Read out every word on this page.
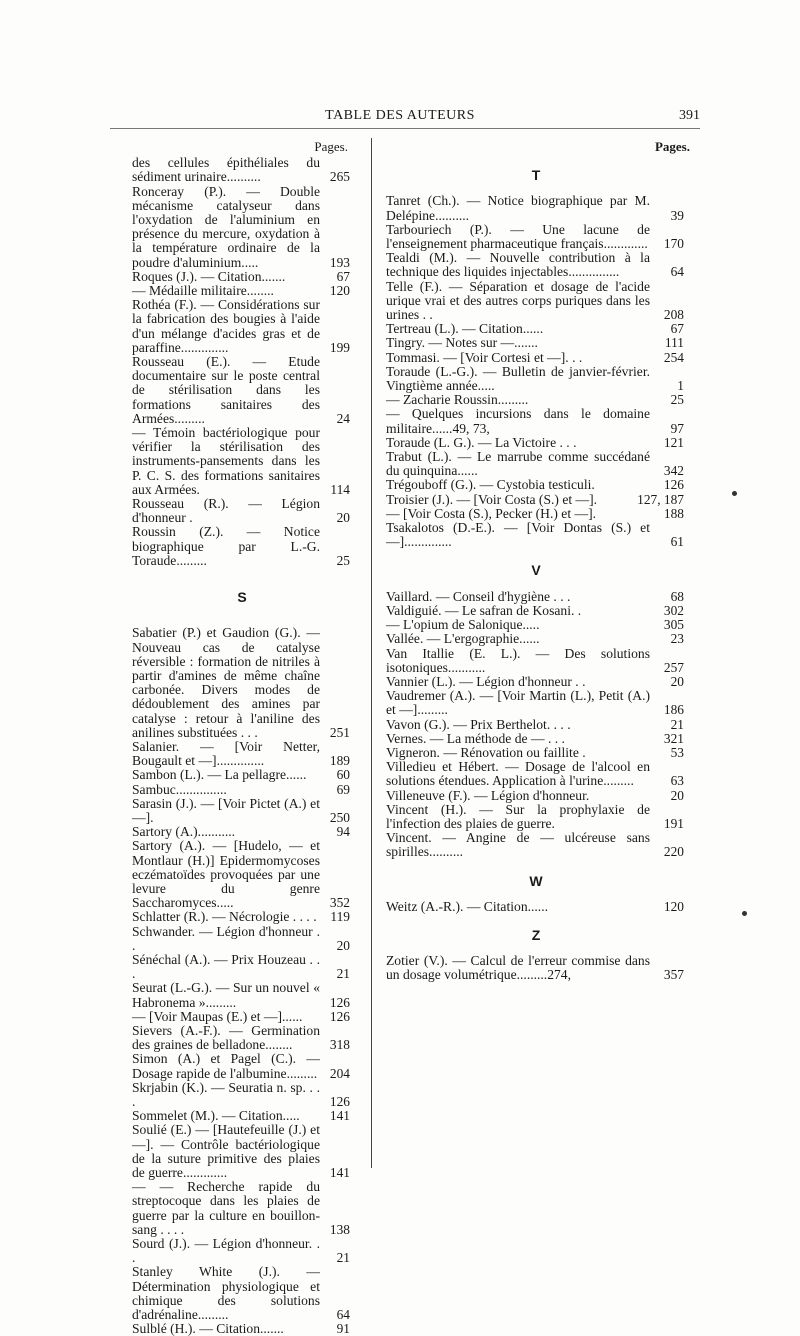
TABLE DES AUTEURS	391
Pages.
des cellules épithéliales du sédiment urinaire..........	265
Ronceray (P.). — Double mécanisme catalyseur dans l'oxydation de l'aluminium en présence du mercure, oxydation à la température ordinaire de la poudre d'aluminium.....	193
Roques (J.). — Citation.......	67
— Médaille militaire........	120
Rothéa (F.). — Considérations sur la fabrication des bougies à l'aide d'un mélange d'acides gras et de paraffine..............	199
Rousseau (E.). — Etude documentaire sur le poste central de stérilisation dans les formations sanitaires des Armées.........	24
— Témoin bactériologique pour vérifier la stérilisation des instruments-pansements dans les P. C. S. des formations sanitaires aux Armées.	114
Rousseau (R.). — Légion d'honneur .	20
Roussin (Z.). — Notice biographique par L.-G. Toraude.........	25
S
Sabatier (P.) et Gaudion (G.). — Nouveau cas de catalyse réversible : formation de nitriles à partir d'amines de même chaîne carbonée. Divers modes de dédoublement des amines par catalyse : retour à l'aniline des anilines substituées . . .	251
Salanier. — [Voir Netter, Bougault et —]..............	189
Sambon (L.). — La pellagre......	60
Sambuc...............	69
Sarasin (J.). — [Voir Pictet (A.) et —].	250
Sartory (A.)...........	94
Sartory (A.). — [Hudelo, — et Montlaur (H.)] Epidermomycoses eczématoïdes provoquées par une levure du genre Saccharomyces.....	352
Schlatter (R.). — Nécrologie . . . .	119
Schwander. — Légion d'honneur . .	20
Sénéchal (A.). — Prix Houzeau . . .	21
Seurat (L.-G.). — Sur un nouvel « Habronema ».........	126
— [Voir Maupas (E.) et —]......	126
Sievers (A.-F.). — Germination des graines de belladone........	318
Simon (A.) et Pagel (C.). — Dosage rapide de l'albumine......... 204
Skrjabin (K.). — Seuratia n. sp. . . .	126
Sommelet (M.). — Citation.....	141
Soulié (E.) — [Hautefeuille (J.) et —]. — Contrôle bactériologique de la suture primitive des plaies de guerre.............	141
— — Recherche rapide du streptocoque dans les plaies de guerre par la culture en bouillon-sang . . . .	138
Sourd (J.). — Légion d'honneur. . .	21
Stanley White (J.). — Détermination physiologique et chimique des solutions d'adrénaline.........	64
Sulblé (H.). — Citation.......	91
Pages.
T
Tanret (Ch.). — Notice biographique par M. Delépine..........	39
Tarbouriech (P.). — Une lacune de l'enseignement pharmaceutique français.............	170
Tealdi (M.). — Nouvelle contribution à la technique des liquides injectables...............	64
Telle (F.). — Séparation et dosage de l'acide urique vrai et des autres corps puriques dans les urines . .	208
Tertreau (L.). — Citation......	67
Tingry. — Notes sur —.......	111
Tommasi. — [Voir Cortesi et —]. . .	254
Toraude (L.-G.). — Bulletin de janvier-février. Vingtième année.....	1
— Zacharie Roussin.........	25
— Quelques incursions dans le domaine militaire......49, 73,	97
Toraude (L. G.). — La Victoire . . .	121
Trabut (L.). — Le marrube comme succédané du quinquina......	342
Trégouboff (G.). — Cystobia testiculi.	126
Troisier (J.). — [Voir Costa (S.) et —].	127, 187
— [Voir Costa (S.), Pecker (H.) et —].	188
Tsakalotos (D.-E.). — [Voir Dontas (S.) et —]..............	61
V
Vaillard. — Conseil d'hygiène . . .	68
Valdiguié. — Le safran de Kosani. .	302
— L'opium de Salonique.....	305
Vallée. — L'ergographie......	23
Van Itallie (E. L.). — Des solutions isotoniques...........	257
Vannier (L.). — Légion d'honneur . .	20
Vaudremer (A.). — [Voir Martin (L.), Petit (A.) et —].........	186
Vavon (G.). — Prix Berthelot. . . .	21
Vernes. — La méthode de — . . .	321
Vigneron. — Rénovation ou faillite .	53
Villedieu et Hébert. — Dosage de l'alcool en solutions étendues. Application à l'urine.........	63
Villeneuve (F.). — Légion d'honneur.	20
Vincent (H.). — Sur la prophylaxie de l'infection des plaies de guerre.	191
Vincent. — Angine de — ulcéreuse sans spirilles..........	220
W
Weitz (A.-R.). — Citation......	120
Z
Zotier (V.). — Calcul de l'erreur commise dans un dosage volumétrique.........274,	357
